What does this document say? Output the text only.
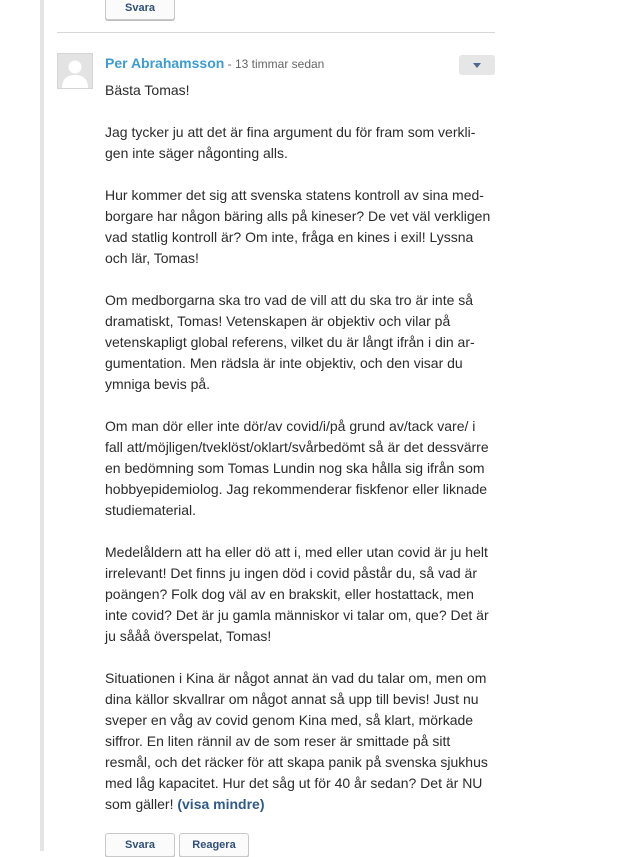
Svara
Per Abrahamsson - 13 timmar sedan

Bästa Tomas!

Jag tycker ju att det är fina argument du för fram som verkli-gen inte säger någonting alls.

Hur kommer det sig att svenska statens kontroll av sina med-borgare har någon bäring alls på kineser? De vet väl verkligen vad statlig kontroll är? Om inte, fråga en kines i exil! Lyssna och lär, Tomas!

Om medborgarna ska tro vad de vill att du ska tro är inte så dramatiskt, Tomas! Vetenskapen är objektiv och vilar på vetenskapligt global referens, vilket du är långt ifrån i din ar-gumentation. Men rädsla är inte objektiv, och den visar du ymniga bevis på.

Om man dör eller inte dör/av covid/i/på grund av/tack vare/ i fall att/möjligen/tveklöst/oklart/svårbedömt så är det dessvärre en bedömning som Tomas Lundin nog ska hålla sig ifrån som hobbyepidemiolog. Jag rekommenderar fiskfenor eller liknade studiematerial.

Medelåldern att ha eller dö att i, med eller utan covid är ju helt irrelevant! Det finns ju ingen död i covid påstår du, så vad är poängen? Folk dog väl av en brakskit, eller hostattack, men inte covid? Det är ju gamla människor vi talar om, que? Det är ju sååå överspelat, Tomas!

Situationen i Kina är något annat än vad du talar om, men om dina källor skvallrar om något annat så upp till bevis! Just nu sveper en våg av covid genom Kina med, så klart, mörkade siffror. En liten rännil av de som reser är smittade på sitt resmål, och det räcker för att skapa panik på svenska sjukhus med låg kapacitet. Hur det såg ut för 40 år sedan? Det är NU som gäller! (visa mindre)

Svara	Reagera
